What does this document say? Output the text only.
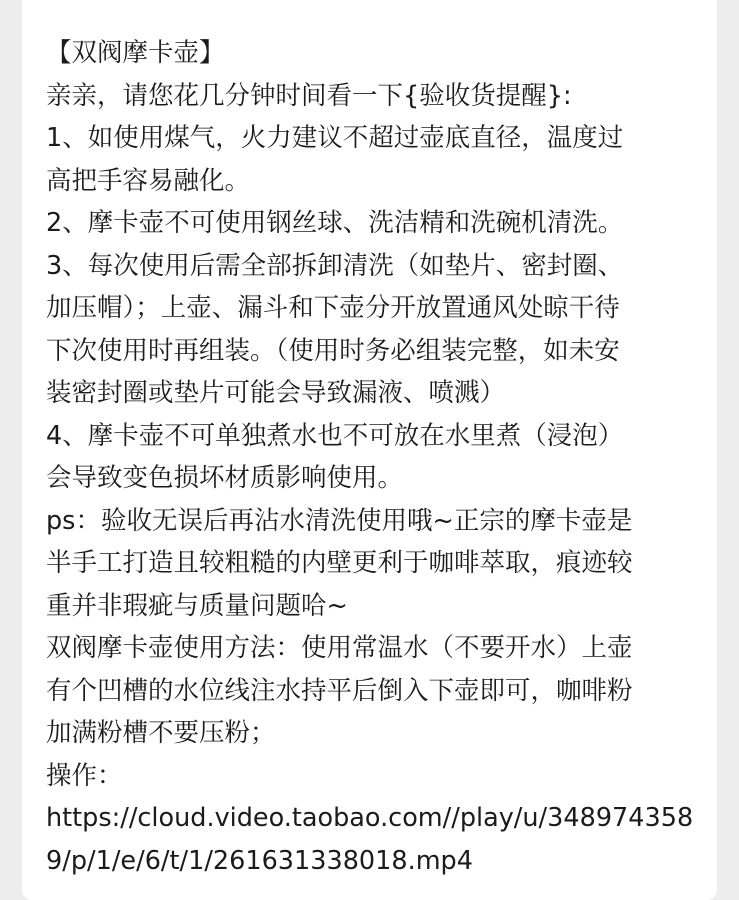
【双阀摩卡壶】
亲亲，请您花几分钟时间看一下{验收货提醒}:
1、如使用煤气，火力建议不超过壶底直径，温度过
高把手容易融化。
2、摩卡壶不可使用钢丝球、洗洁精和洗碗机清洗。
3、每次使用后需全部拆卸清洗（如垫片、密封圈、
加压帽）；上壶、漏斗和下壶分开放置通风处晾干待
下次使用时再组装。（使用时务必组装完整，如未安
装密封圈或垫片可能会导致漏液、喷溅）
4、摩卡壶不可单独煮水也不可放在水里煮（浸泡）
会导致变色损坏材质影响使用。
ps：验收无误后再沾水清洗使用哦~正宗的摩卡壶是
半手工打造且较粗糙的内壁更利于咖啡萃取，痕迹较
重并非瑕疵与质量问题哈~
双阀摩卡壶使用方法：使用常温水（不要开水）上壶
有个凹槽的水位线注水持平后倒入下壶即可，咖啡粉
加满粉槽不要压粉；
操作：
https://cloud.video.taobao.com//play/u/348974358
9/p/1/e/6/t/1/261631338018.mp4
